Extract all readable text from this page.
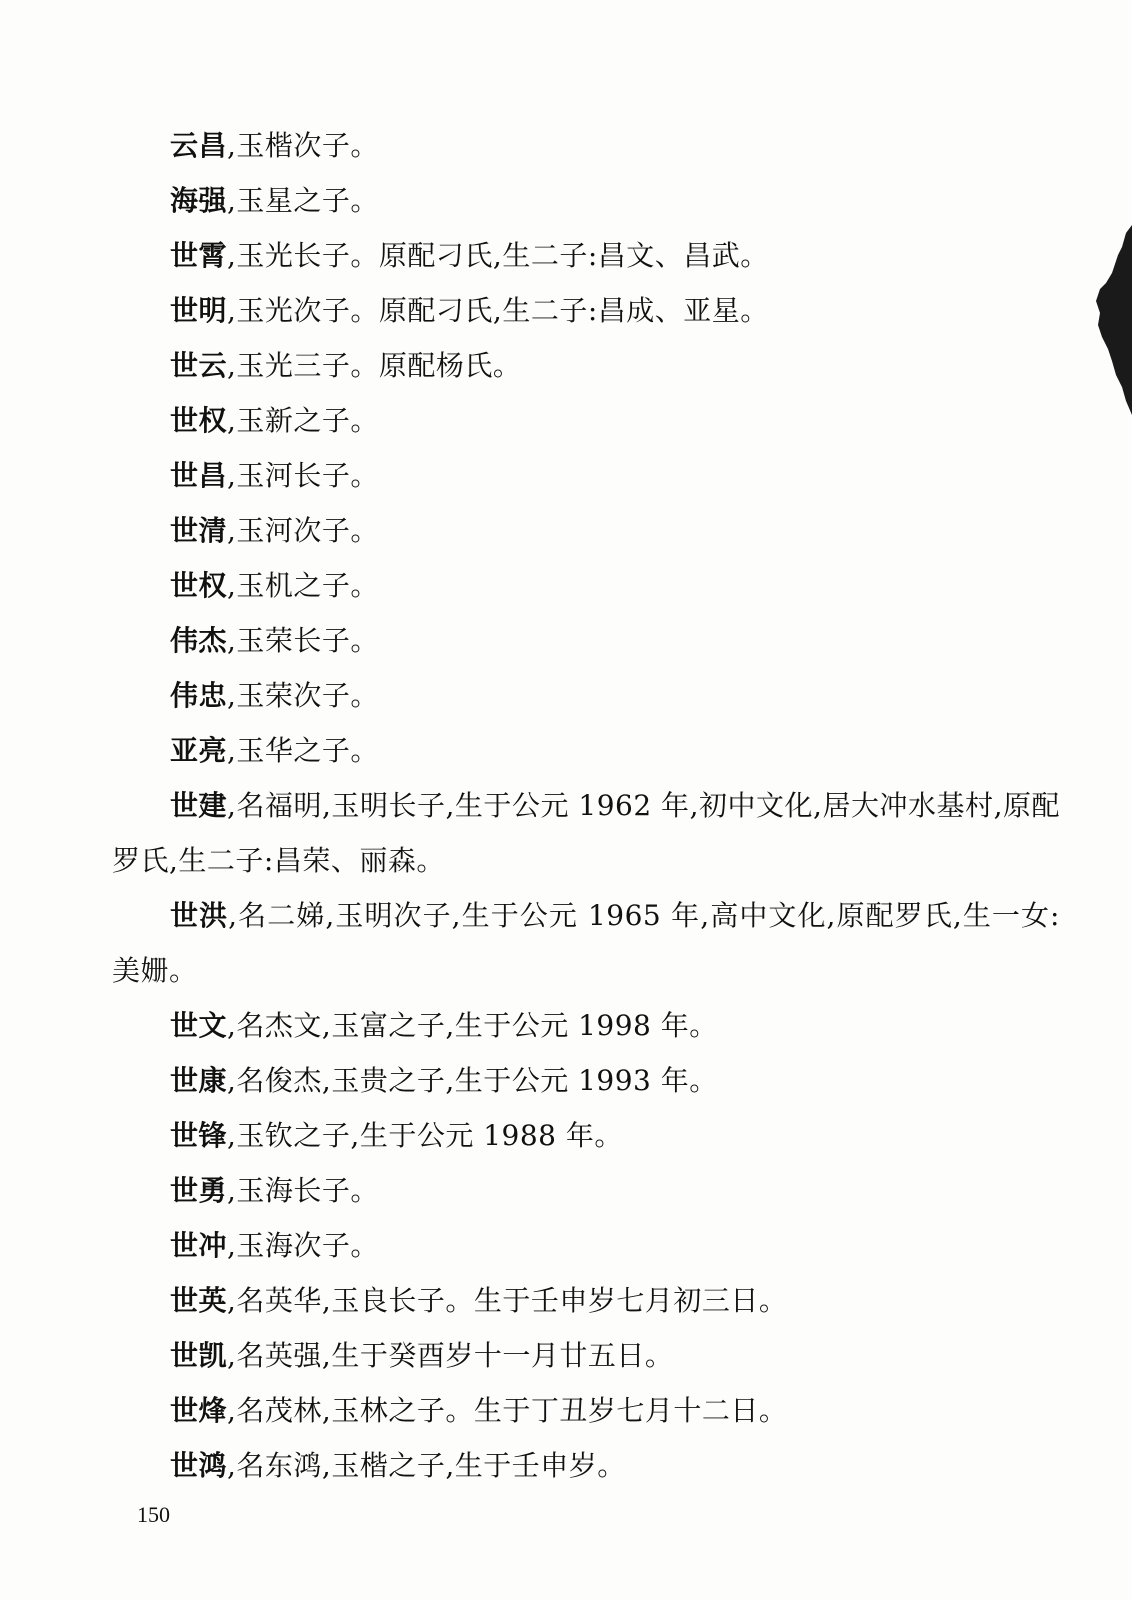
云昌,玉楷次子。

海强,玉星之子。

世霄,玉光长子。原配刁氏,生二子:昌文、昌武。

世明,玉光次子。原配刁氏,生二子:昌成、亚星。

世云,玉光三子。原配杨氏。

世权,玉新之子。

世昌,玉河长子。

世清,玉河次子。

世权,玉机之子。

伟杰,玉荣长子。

伟忠,玉荣次子。

亚亮,玉华之子。

世建,名福明,玉明长子,生于公元 1962 年,初中文化,居大冲水基村,原配罗氏,生二子:昌荣、丽森。

世洪,名二娣,玉明次子,生于公元 1965 年,高中文化,原配罗氏,生一女:美姗。

世文,名杰文,玉富之子,生于公元 1998 年。

世康,名俊杰,玉贵之子,生于公元 1993 年。

世锋,玉钦之子,生于公元 1988 年。

世勇,玉海长子。

世冲,玉海次子。

世英,名英华,玉良长子。生于壬申岁七月初三日。

世凯,名英强,生于癸酉岁十一月廿五日。

世烽,名茂林,玉林之子。生于丁丑岁七月十二日。

世鸿,名东鸿,玉楷之子,生于壬申岁。

150
